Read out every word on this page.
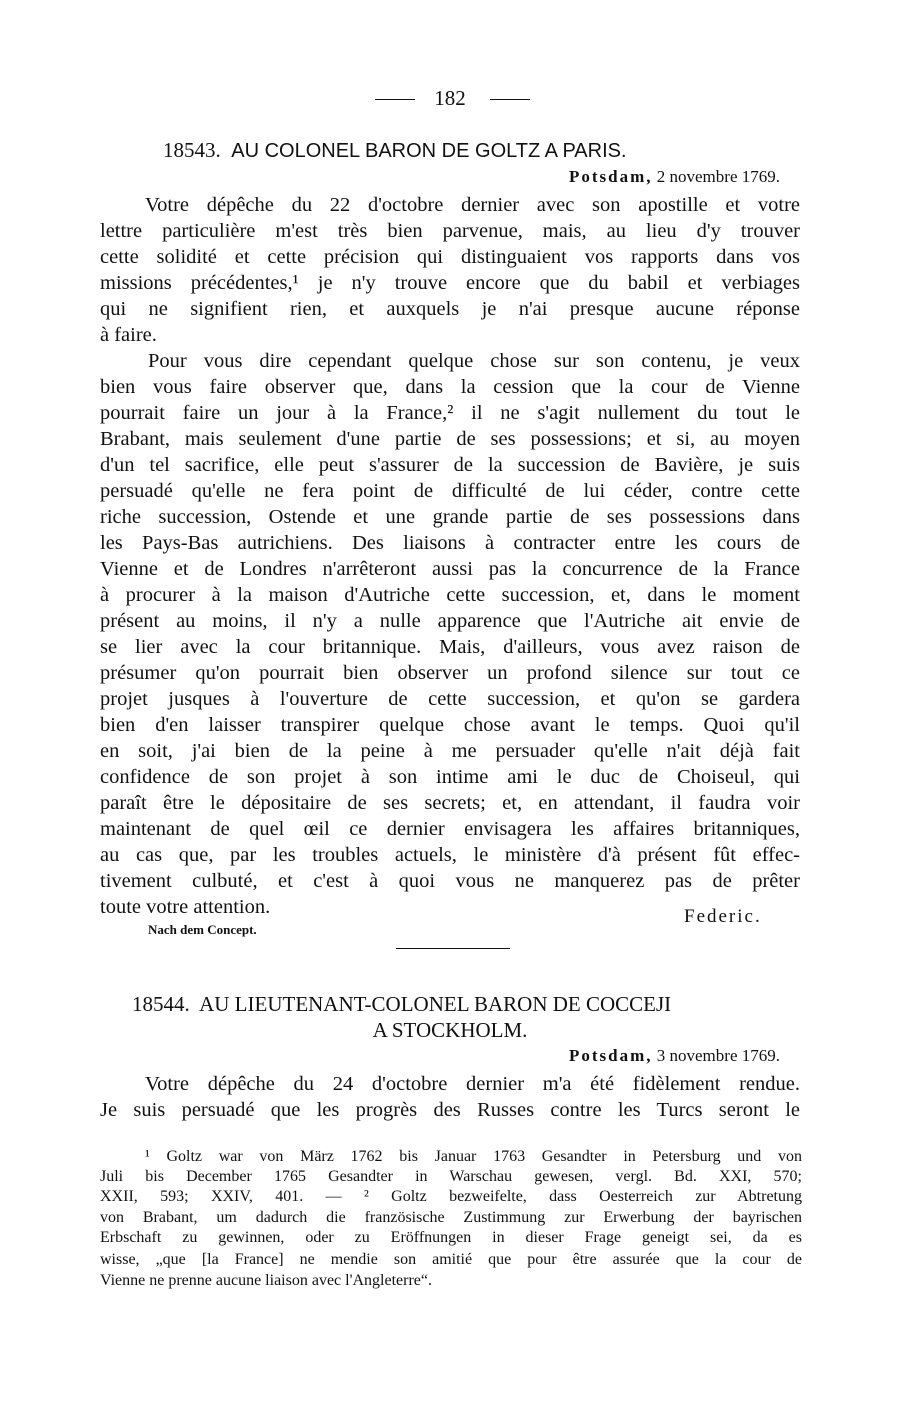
182
18543. AU COLONEL BARON DE GOLTZ A PARIS.
Potsdam, 2 novembre 1769.
Votre dépêche du 22 d'octobre dernier avec son apostille et votre
lettre particulière m'est très bien parvenue, mais, au lieu d'y trouver
cette solidité et cette précision qui distinguaient vos rapports dans vos
missions précédentes,¹ je n'y trouve encore que du babil et verbiages
qui ne signifient rien, et auxquels je n'ai presque aucune réponse
à faire.
Pour vous dire cependant quelque chose sur son contenu, je veux
bien vous faire observer que, dans la cession que la cour de Vienne
pourrait faire un jour à la France,² il ne s'agit nullement du tout le
Brabant, mais seulement d'une partie de ses possessions; et si, au moyen
d'un tel sacrifice, elle peut s'assurer de la succession de Bavière, je suis
persuadé qu'elle ne fera point de difficulté de lui céder, contre cette
riche succession, Ostende et une grande partie de ses possessions dans
les Pays-Bas autrichiens. Des liaisons à contracter entre les cours de
Vienne et de Londres n'arrêteront aussi pas la concurrence de la France
à procurer à la maison d'Autriche cette succession, et, dans le moment
présent au moins, il n'y a nulle apparence que l'Autriche ait envie de
se lier avec la cour britannique. Mais, d'ailleurs, vous avez raison de
présumer qu'on pourrait bien observer un profond silence sur tout ce
projet jusques à l'ouverture de cette succession, et qu'on se gardera
bien d'en laisser transpirer quelque chose avant le temps. Quoi qu'il
en soit, j'ai bien de la peine à me persuader qu'elle n'ait déjà fait
confidence de son projet à son intime ami le duc de Choiseul, qui
paraît être le dépositaire de ses secrets; et, en attendant, il faudra voir
maintenant de quel œil ce dernier envisagera les affaires britanniques,
au cas que, par les troubles actuels, le ministère d'à présent fût effec-
tivement culbuté, et c'est à quoi vous ne manquerez pas de prêter
toute votre attention.	Federic.
Nach dem Concept.
18544. AU LIEUTENANT-COLONEL BARON DE COCCEJI
A STOCKHOLM.
Potsdam, 3 novembre 1769.
Votre dépêche du 24 d'octobre dernier m'a été fidèlement rendue.
Je suis persuadé que les progrès des Russes contre les Turcs seront le
¹ Goltz war von März 1762 bis Januar 1763 Gesandter in Petersburg und von
Juli bis December 1765 Gesandter in Warschau gewesen, vergl. Bd. XXI, 570;
XXII, 593; XXIV, 401. — ² Goltz bezweifelte, dass Oesterreich zur Abtretung
von Brabant, um dadurch die französische Zustimmung zur Erwerbung der bayrischen
Erbschaft zu gewinnen, oder zu Eröffnungen in dieser Frage geneigt sei, da es
wisse, „que [la France] ne mendie son amitié que pour être assurée que la cour de
Vienne ne prenne aucune liaison avec l'Angleterre“.
